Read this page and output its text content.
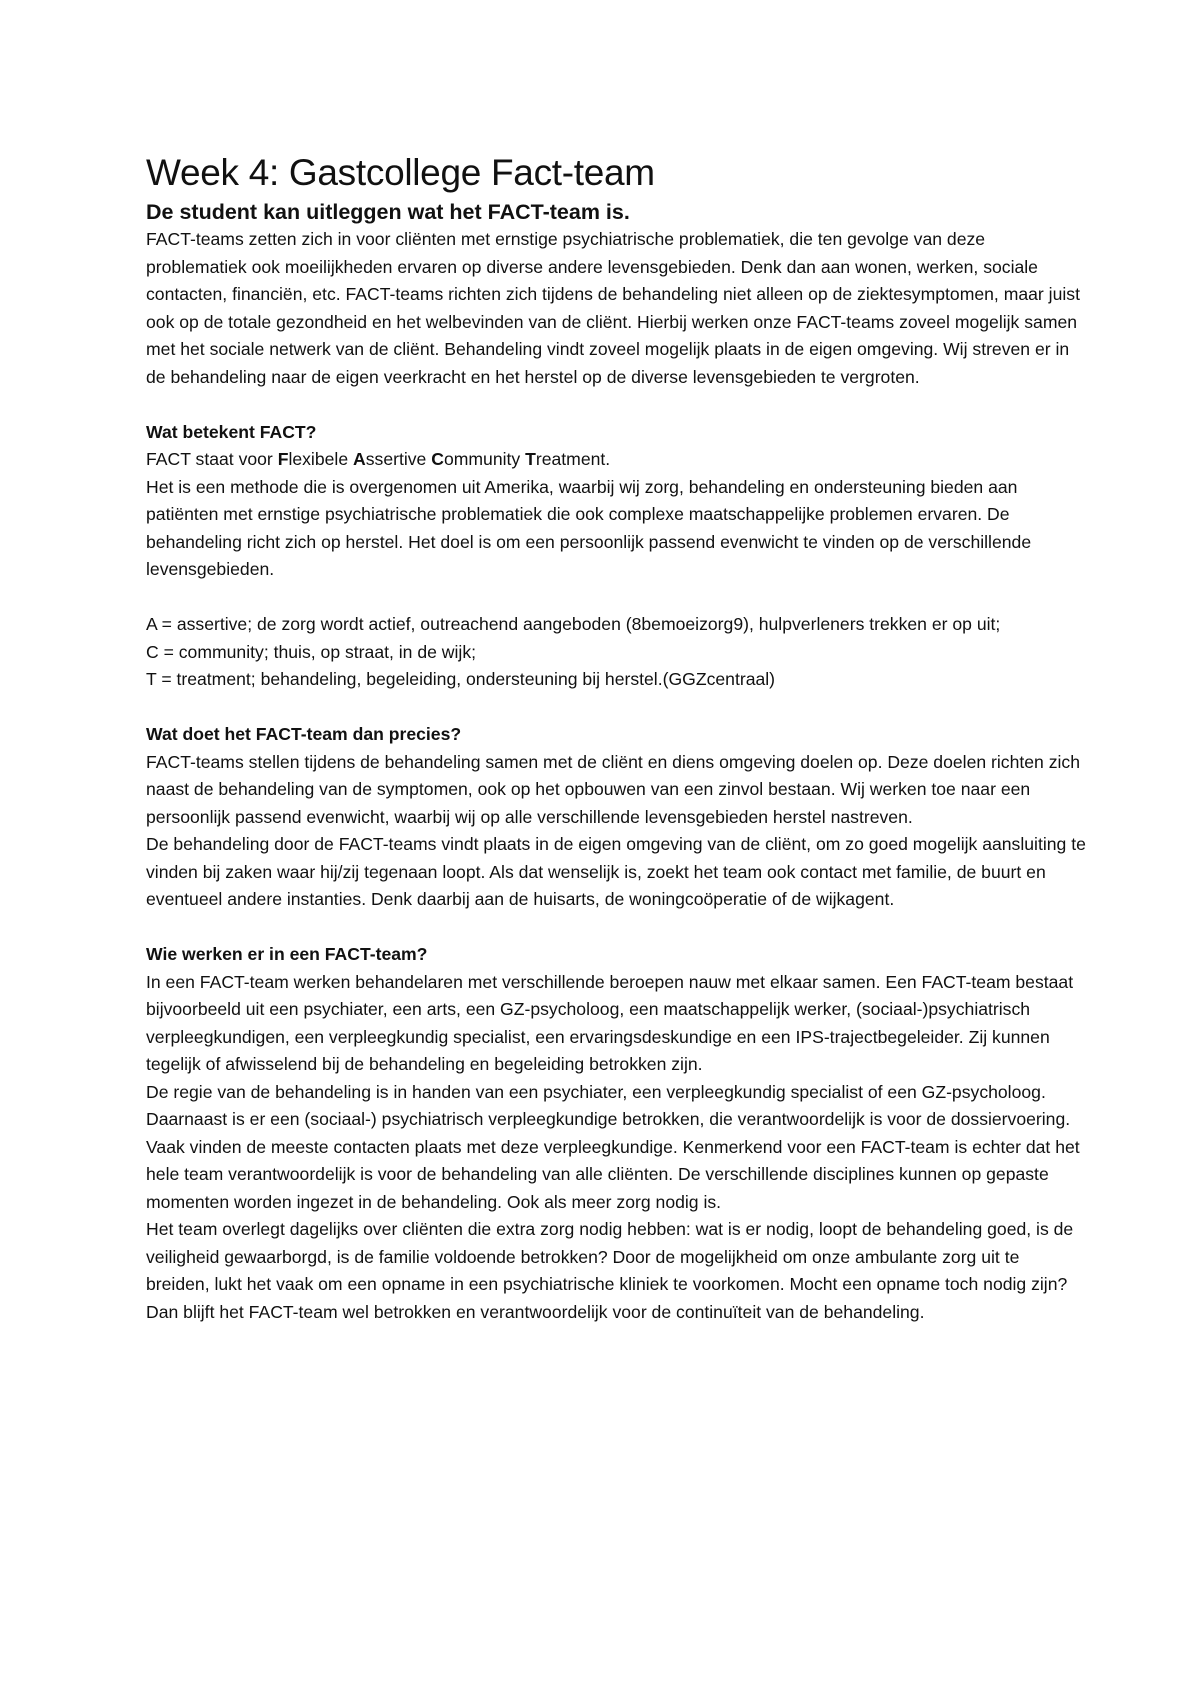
Week 4: Gastcollege Fact-team
De student kan uitleggen wat het FACT-team is.

FACT-teams zetten zich in voor cliënten met ernstige psychiatrische problematiek, die ten gevolge van deze problematiek ook moeilijkheden ervaren op diverse andere levensgebieden. Denk dan aan wonen, werken, sociale contacten, financiën, etc. FACT-teams richten zich tijdens de behandeling niet alleen op de ziektesymptomen, maar juist ook op de totale gezondheid en het welbevinden van de cliënt. Hierbij werken onze FACT-teams zoveel mogelijk samen met het sociale netwerk van de cliënt. Behandeling vindt zoveel mogelijk plaats in de eigen omgeving. Wij streven er in de behandeling naar de eigen veerkracht en het herstel op de diverse levensgebieden te vergroten.

Wat betekent FACT?

FACT staat voor Flexibele Assertive Community Treatment.

Het is een methode die is overgenomen uit Amerika, waarbij wij zorg, behandeling en ondersteuning bieden aan patiënten met ernstige psychiatrische problematiek die ook complexe maatschappelijke problemen ervaren. De behandeling richt zich op herstel. Het doel is om een persoonlijk passend evenwicht te vinden op de verschillende levensgebieden.

A = assertive; de zorg wordt actief, outreachend aangeboden (8bemoeizorg9), hulpverleners trekken er op uit;

C = community; thuis, op straat, in de wijk;

T = treatment; behandeling, begeleiding, ondersteuning bij herstel.(GGZcentraal)

Wat doet het FACT-team dan precies?

FACT-teams stellen tijdens de behandeling samen met de cliënt en diens omgeving doelen op. Deze doelen richten zich naast de behandeling van de symptomen, ook op het opbouwen van een zinvol bestaan. Wij werken toe naar een persoonlijk passend evenwicht, waarbij wij op alle verschillende levensgebieden herstel nastreven.

De behandeling door de FACT-teams vindt plaats in de eigen omgeving van de cliënt, om zo goed mogelijk aansluiting te vinden bij zaken waar hij/zij tegenaan loopt. Als dat wenselijk is, zoekt het team ook contact met familie, de buurt en eventueel andere instanties. Denk daarbij aan de huisarts, de woningcoöperatie of de wijkagent.

Wie werken er in een FACT-team?

In een FACT-team werken behandelaren met verschillende beroepen nauw met elkaar samen. Een FACT-team bestaat bijvoorbeeld uit een psychiater, een arts, een GZ-psycholoog, een maatschappelijk werker, (sociaal-)psychiatrisch verpleegkundigen, een verpleegkundig specialist, een ervaringsdeskundige en een IPS-trajectbegeleider. Zij kunnen tegelijk of afwisselend bij de behandeling en begeleiding betrokken zijn.

De regie van de behandeling is in handen van een psychiater, een verpleegkundig specialist of een GZ-psycholoog. Daarnaast is er een (sociaal-) psychiatrisch verpleegkundige betrokken, die verantwoordelijk is voor de dossiervoering. Vaak vinden de meeste contacten plaats met deze verpleegkundige. Kenmerkend voor een FACT-team is echter dat het hele team verantwoordelijk is voor de behandeling van alle cliënten. De verschillende disciplines kunnen op gepaste momenten worden ingezet in de behandeling. Ook als meer zorg nodig is.

Het team overlegt dagelijks over cliënten die extra zorg nodig hebben: wat is er nodig, loopt de behandeling goed, is de veiligheid gewaarborgd, is de familie voldoende betrokken? Door de mogelijkheid om onze ambulante zorg uit te breiden, lukt het vaak om een opname in een psychiatrische kliniek te voorkomen. Mocht een opname toch nodig zijn? Dan blijft het FACT-team wel betrokken en verantwoordelijk voor de continuïteit van de behandeling.
